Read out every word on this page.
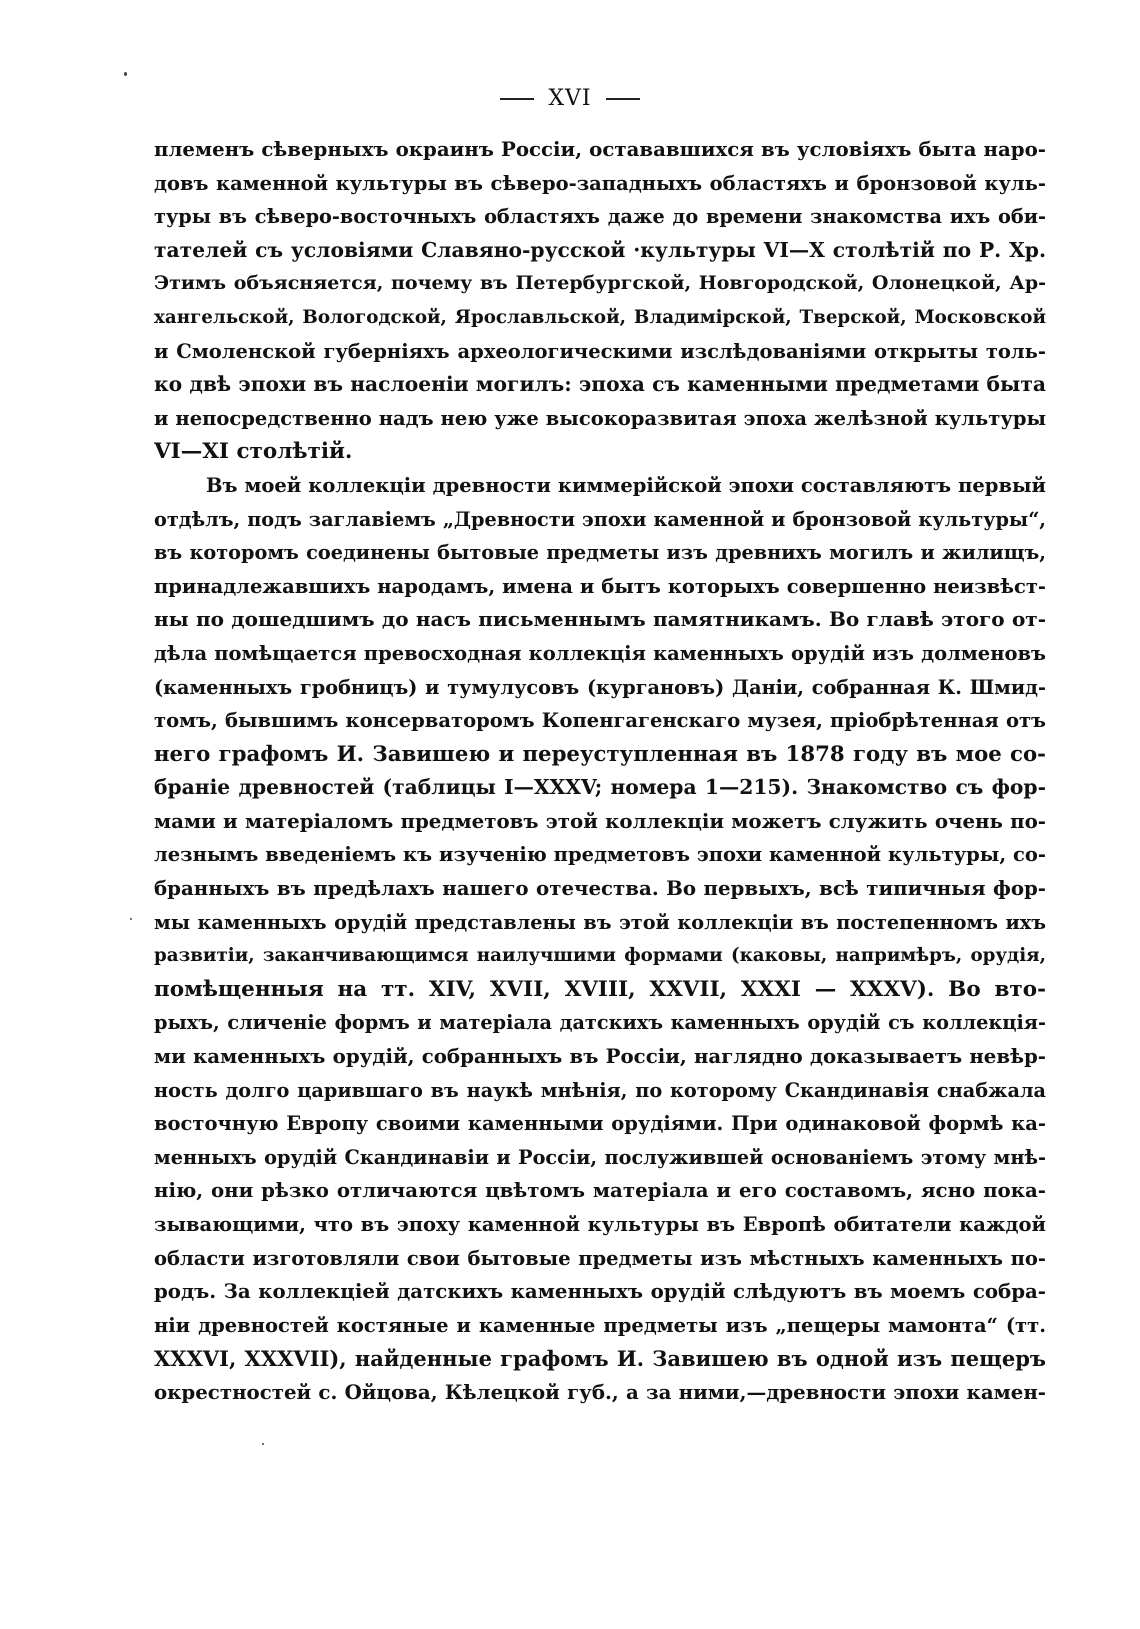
XVI
племенъ сѣверныхъ окраинъ Россіи, остававшихся въ условіяхъ быта наро-
довъ каменной культуры въ сѣверо-западныхъ областяхъ и бронзовой куль-
туры въ сѣверо-восточныхъ областяхъ даже до времени знакомства ихъ оби-
тателей съ условіями Славяно-русской ·культуры VI—X столѣтій по Р. Хр.
Этимъ объясняется, почему въ Петербургской, Новгородской, Олонецкой, Ар-
хангельской, Вологодской, Ярославльской, Владимірской, Тверской, Московской
и Смоленской губерніяхъ археологическими изслѣдованіями открыты толь-
ко двѣ эпохи въ наслоеніи могилъ: эпоха съ каменными предметами быта
и непосредственно надъ нею уже высокоразвитая эпоха желѣзной культуры
VI—XI столѣтій.
Въ моей коллекціи древности киммерійской эпохи составляютъ первый
отдѣлъ, подъ заглавіемъ „Древности эпохи каменной и бронзовой культуры“,
въ которомъ соединены бытовые предметы изъ древнихъ могилъ и жилищъ,
принадлежавшихъ народамъ, имена и бытъ которыхъ совершенно неизвѣст-
ны по дошедшимъ до насъ письменнымъ памятникамъ. Во главѣ этого от-
дѣла помѣщается превосходная коллекція каменныхъ орудій изъ долменовъ
(каменныхъ гробницъ) и тумулусовъ (кургановъ) Даніи, собранная К. Шмид-
томъ, бывшимъ консерваторомъ Копенгагенскаго музея, пріобрѣтенная отъ
него графомъ И. Завишею и переуступленная въ 1878 году въ мое со-
браніе древностей (таблицы I—XXXV; номера 1—215). Знакомство съ фор-
мами и матеріаломъ предметовъ этой коллекціи можетъ служить очень по-
лезнымъ введеніемъ къ изученію предметовъ эпохи каменной культуры, со-
бранныхъ въ предѣлахъ нашего отечества. Во первыхъ, всѣ типичныя фор-
мы каменныхъ орудій представлены въ этой коллекціи въ постепенномъ ихъ
развитіи, заканчивающимся наилучшими формами (каковы, напримѣръ, орудія,
помѣщенныя на тт. XIV, XVII, XVIII, XXVII, XXXI — XXXV). Во вто-
рыхъ, сличеніе формъ и матеріала датскихъ каменныхъ орудій съ коллекція-
ми каменныхъ орудій, собранныхъ въ Россіи, наглядно доказываетъ невѣр-
ность долго царившаго въ наукѣ мнѣнія, по которому Скандинавія снабжала
восточную Европу своими каменными орудіями. При одинаковой формѣ ка-
менныхъ орудій Скандинавіи и Россіи, послужившей основаніемъ этому мнѣ-
нію, они рѣзко отличаются цвѣтомъ матеріала и его составомъ, ясно пока-
зывающими, что въ эпоху каменной культуры въ Европѣ обитатели каждой
области изготовляли свои бытовые предметы изъ мѣстныхъ каменныхъ по-
родъ. За коллекціей датскихъ каменныхъ орудій слѣдуютъ въ моемъ собра-
ніи древностей костяные и каменные предметы изъ „пещеры мамонта“ (тт.
XXXVI, XXXVII), найденные графомъ И. Завишею въ одной изъ пещеръ
окрестностей с. Ойцова, Кѣлецкой губ., а за ними,—древности эпохи камен-
